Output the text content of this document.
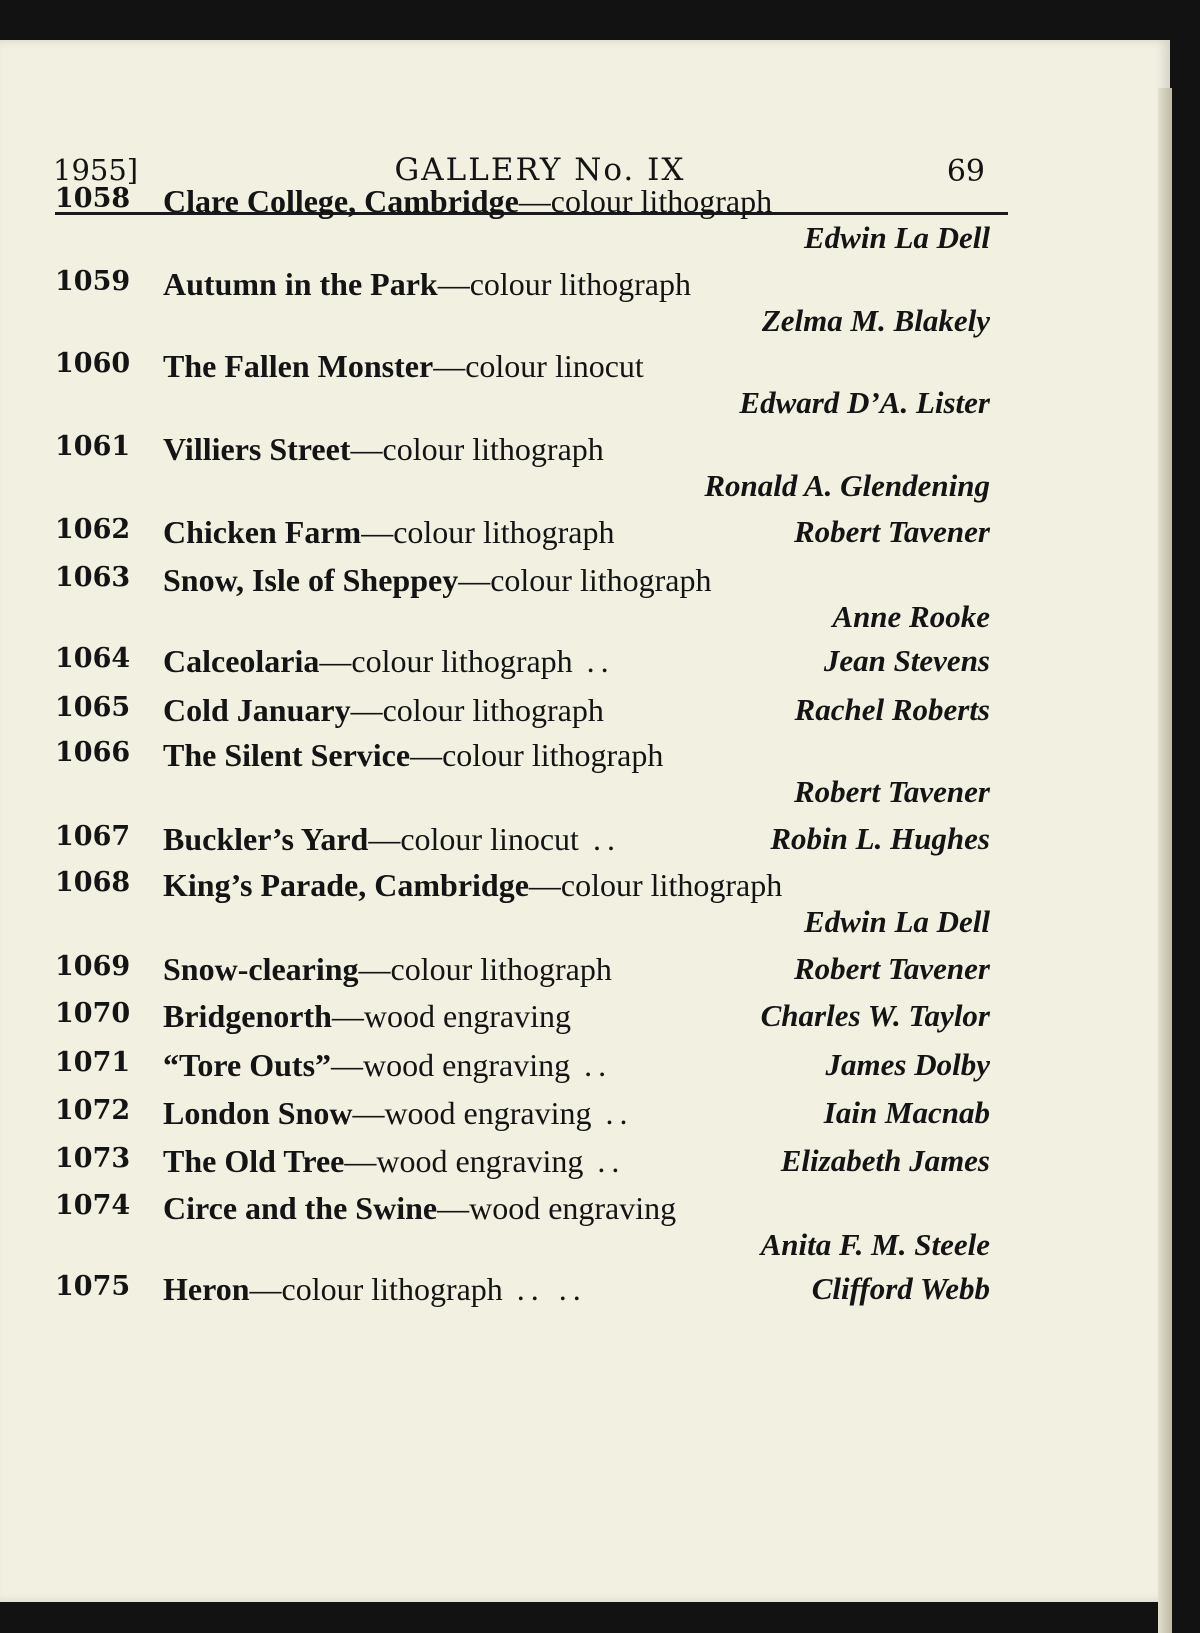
1955]	GALLERY No. IX	69
1058 Clare College, Cambridge—colour lithograph
Edwin La Dell
1059 Autumn in the Park—colour lithograph
Zelma M. Blakely
1060 The Fallen Monster—colour linocut
Edward D’A. Lister
1061 Villiers Street—colour lithograph
Ronald A. Glendening
1062 Chicken Farm—colour lithograph	Robert Tavener
1063 Snow, Isle of Sheppey—colour lithograph
Anne Rooke
1064 Calceolaria—colour lithograph ..	Jean Stevens
1065 Cold January—colour lithograph	Rachel Roberts
1066 The Silent Service—colour lithograph
Robert Tavener
1067 Buckler’s Yard—colour linocut ..	Robin L. Hughes
1068 King’s Parade, Cambridge—colour lithograph
Edwin La Dell
1069 Snow-clearing—colour lithograph	Robert Tavener
1070 Bridgenorth—wood engraving	Charles W. Taylor
1071 “Tore Outs”—wood engraving ..	James Dolby
1072 London Snow—wood engraving ..	Iain Macnab
1073 The Old Tree—wood engraving ..	Elizabeth James
1074 Circe and the Swine—wood engraving
Anita F. M. Steele
1075 Heron—colour lithograph .. ..	Clifford Webb
